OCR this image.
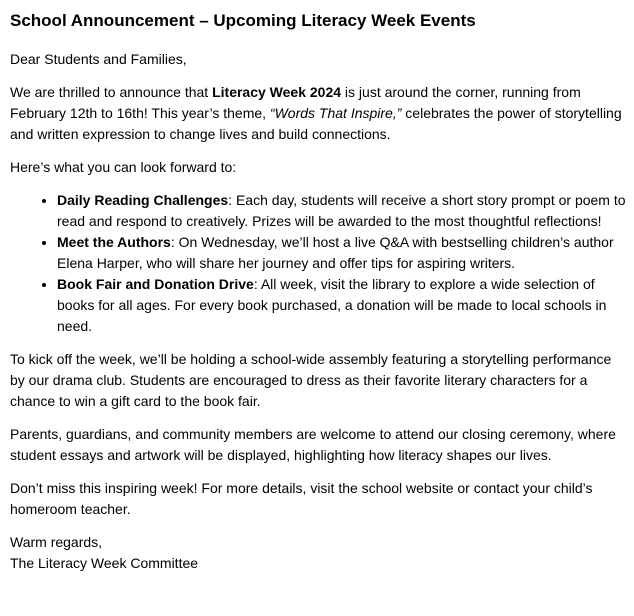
School Announcement – Upcoming Literacy Week Events

Dear Students and Families,

We are thrilled to announce that Literacy Week 2024 is just around the corner, running from February 12th to 16th! This year’s theme, “Words That Inspire,” celebrates the power of storytelling and written expression to change lives and build connections.

Here’s what you can look forward to:

• Daily Reading Challenges: Each day, students will receive a short story prompt or poem to read and respond to creatively. Prizes will be awarded to the most thoughtful reflections!
• Meet the Authors: On Wednesday, we’ll host a live Q&A with bestselling children’s author Elena Harper, who will share her journey and offer tips for aspiring writers.
• Book Fair and Donation Drive: All week, visit the library to explore a wide selection of books for all ages. For every book purchased, a donation will be made to local schools in need.

To kick off the week, we’ll be holding a school-wide assembly featuring a storytelling performance by our drama club. Students are encouraged to dress as their favorite literary characters for a chance to win a gift card to the book fair.

Parents, guardians, and community members are welcome to attend our closing ceremony, where student essays and artwork will be displayed, highlighting how literacy shapes our lives.

Don’t miss this inspiring week! For more details, visit the school website or contact your child’s homeroom teacher.

Warm regards,

The Literacy Week Committee
